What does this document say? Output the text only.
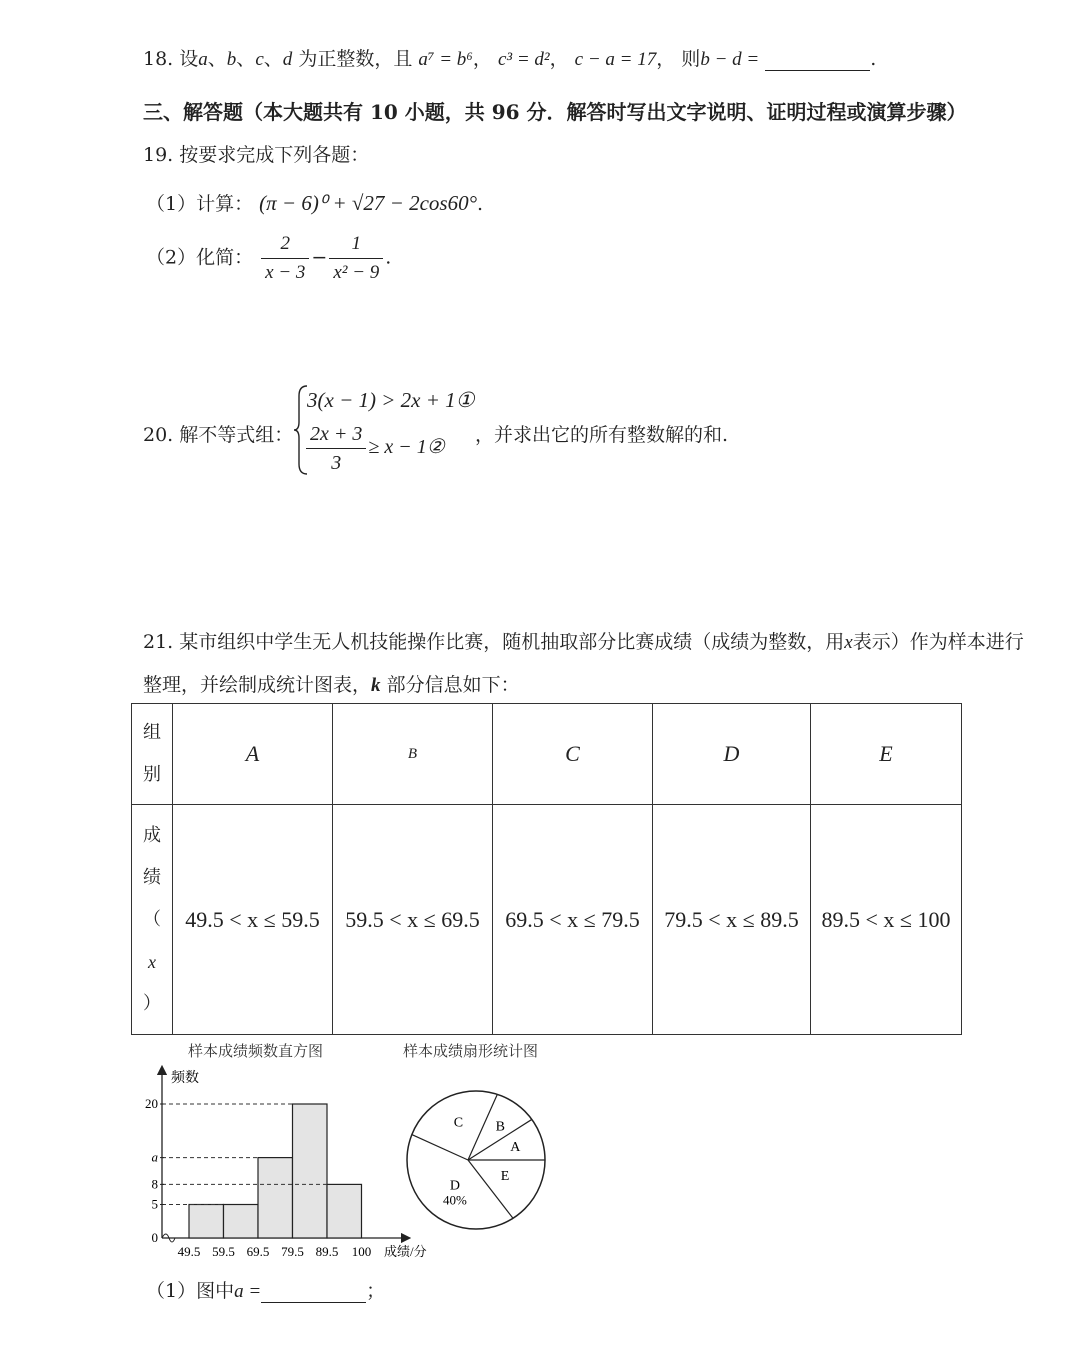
18. 设a、b、c、d 为正整数，且 a⁷ = b⁶， c³ = d²， c − a = 17， 则b − d =	.
三、解答题（本大题共有 10 小题，共 96 分．解答时写出文字说明、证明过程或演算步骤）
19. 按要求完成下列各题：
（1）计算： (π − 6)⁰ + √27 − 2cos60°.
（2）化简： $\frac{2}{x - 3} - \frac{1}{\text{x² − 9}}$ .
20. 解不等式组：
3(x − 1) > 2x + 1①
$\frac{2x + 3}{3} \ge x$ − 1②
，并求出它的所有整数解的和.
21. 某市组织中学生无人机技能操作比赛，随机抽取部分比赛成绩（成绩为整数，用x表示）作为样本进行
整理，并绘制成统计图表，k 部分信息如下：
组
别	A	B	C	D	E

成
绩
（
x
）	49.5 < x ≤ 59.5	59.5 < x ≤ 69.5	69.5 < x ≤ 79.5	79.5 < x ≤ 89.5	89.5 < x ≤ 100
样本成绩频数直方图	样本成绩扇形统计图
频数
成绩/分
5
8
a
20
0
49.5 59.5 69.5 79.5 89.5 100
A
B
C
D
40%
E
（1）图中a =	；
